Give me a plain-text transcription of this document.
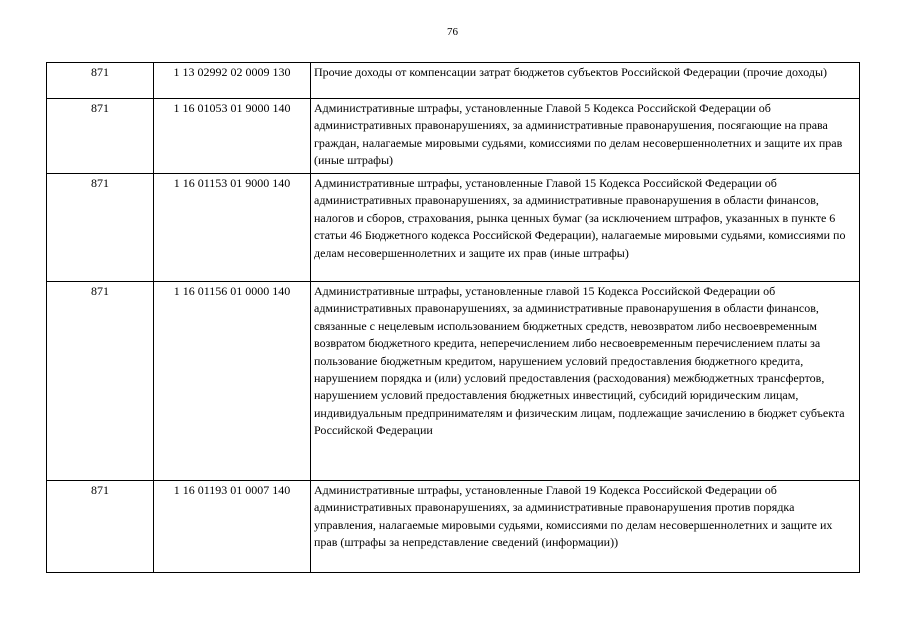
76
871	1 13 02992 02 0009 130	Прочие доходы от компенсации затрат бюджетов субъектов Российской Федерации (прочие доходы)
871	1 16 01053 01 9000 140	Административные штрафы, установленные Главой 5 Кодекса Российской Федерации об административных правонарушениях, за административные правонарушения, посягающие на права граждан, налагаемые мировыми судьями, комиссиями по делам несовершеннолетних и защите их прав (иные штрафы)
871	1 16 01153 01 9000 140	Административные штрафы, установленные Главой 15 Кодекса Российской Федерации об административных правонарушениях, за административные правонарушения в области финансов, налогов и сборов, страхования, рынка ценных бумаг (за исключением штрафов, указанных в пункте 6 статьи 46 Бюджетного кодекса Российской Федерации), налагаемые мировыми судьями, комиссиями по делам несовершеннолетних и защите их прав (иные штрафы)
871	1 16 01156 01 0000 140	Административные штрафы, установленные главой 15 Кодекса Российской Федерации об административных правонарушениях, за административные правонарушения в области финансов, связанные с нецелевым использованием бюджетных средств, невозвратом либо несвоевременным возвратом бюджетного кредита, неперечислением либо несвоевременным перечислением платы за пользование бюджетным кредитом, нарушением условий предоставления бюджетного кредита, нарушением порядка и (или) условий предоставления (расходования) межбюджетных трансфертов, нарушением условий предоставления бюджетных инвестиций, субсидий юридическим лицам, индивидуальным предпринимателям и физическим лицам, подлежащие зачислению в бюджет субъекта Российской Федерации
871	1 16 01193 01 0007 140	Административные штрафы, установленные Главой 19 Кодекса Российской Федерации об административных правонарушениях, за административные правонарушения против порядка управления, налагаемые мировыми судьями, комиссиями по делам несовершеннолетних и защите их прав (штрафы за непредставление сведений (информации))
